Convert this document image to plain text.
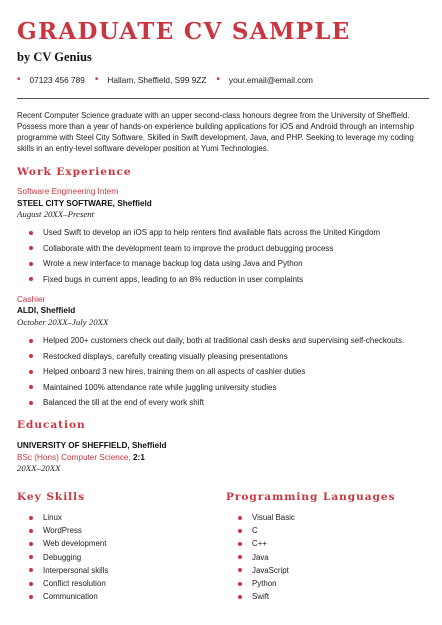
GRADUATE CV SAMPLE
by CV Genius
• 07123 456 789 • Hallam, Sheffield, S99 9ZZ • your.email@email.com

Recent Computer Science graduate with an upper second-class honours degree from the University of Sheffield. Possess more than a year of hands-on experience building applications for iOS and Android through an internship programme with Steel City Software. Skilled in Swift development, Java, and PHP. Seeking to leverage my coding skills in an entry-level software developer position at Yumi Technologies.

Work Experience
Software Engineering Intern
STEEL CITY SOFTWARE, Sheffield
August 20XX–Present
Used Swift to develop an iOS app to help renters find available flats across the United Kingdom
Collaborate with the development team to improve the product debugging process
Wrote a new interface to manage backup log data using Java and Python
Fixed bugs in current apps, leading to an 8% reduction in user complaints
Cashier
ALDI, Sheffield
October 20XX–July 20XX
Helped 200+ customers check out daily, both at traditional cash desks and supervising self-checkouts.
Restocked displays, carefully creating visually pleasing presentations
Helped onboard 3 new hires, training them on all aspects of cashier duties
Maintained 100% attendance rate while juggling university studies
Balanced the till at the end of every work shift
Education
UNIVERSITY OF SHEFFIELD, Sheffield
BSc (Hons) Computer Science, 2:1
20XX–20XX
Key Skills
Linux
WordPress
Web development
Debugging
Interpersonal skills
Conflict resolution
Communication
Programming Languages
Visual Basic
C
C++
Java
JavaScript
Python
Swift
